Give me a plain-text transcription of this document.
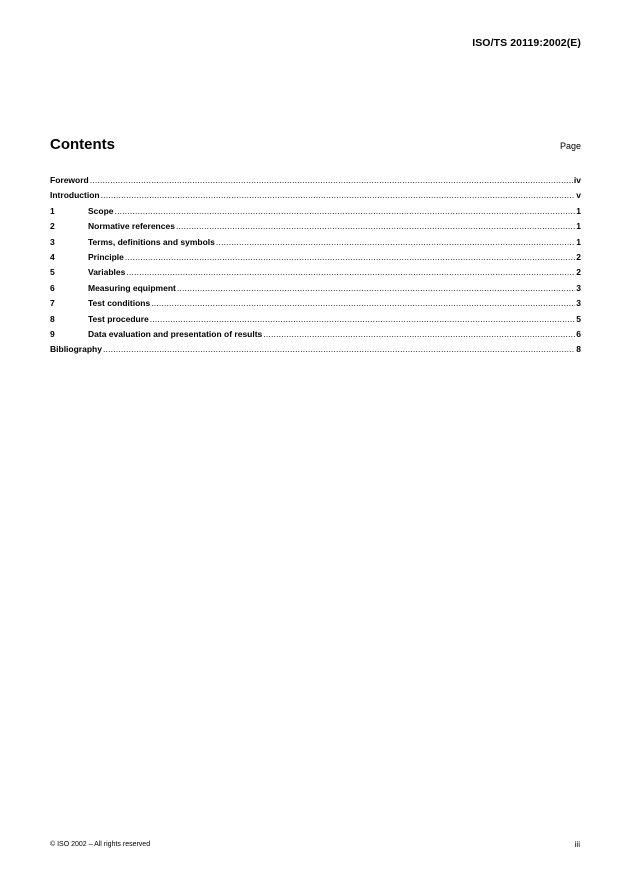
ISO/TS 20119:2002(E)
Contents	Page
Foreword .....	iv
Introduction .....	v
1	Scope .....	1
2	Normative references .....	1
3	Terms, definitions and symbols .....	1
4	Principle .....	2
5	Variables .....	2
6	Measuring equipment .....	3
7	Test conditions .....	3
8	Test procedure .....	5
9	Data evaluation and presentation of results .....	6
Bibliography .....	8
© ISO 2002 – All rights reserved	iii
